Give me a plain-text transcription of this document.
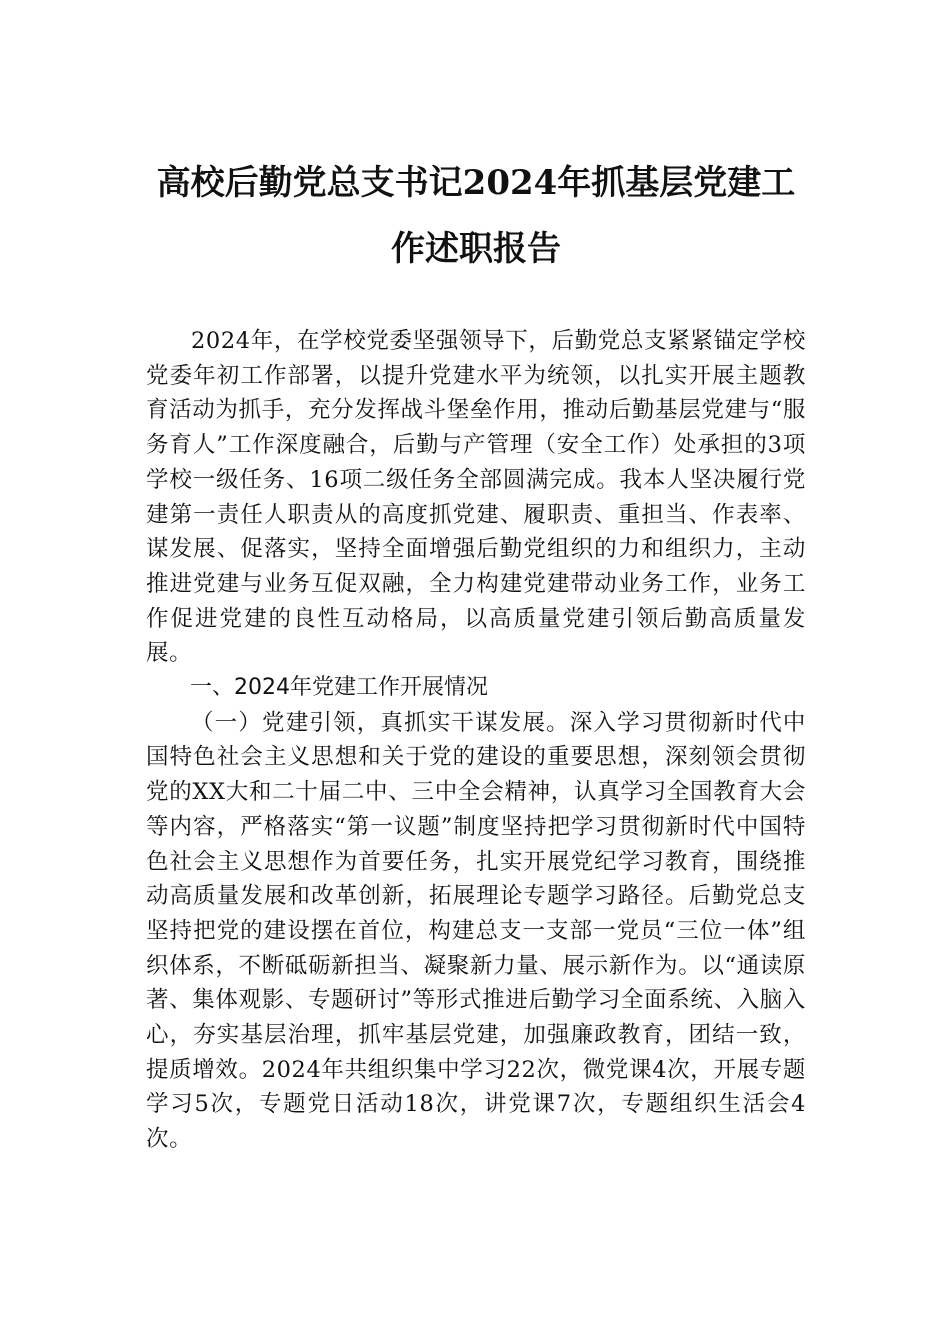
高校后勤党总支书记2024年抓基层党建工作述职报告

2024年，在学校党委坚强领导下，后勤党总支紧紧锚定学校党委年初工作部署，以提升党建水平为统领，以扎实开展主题教育活动为抓手，充分发挥战斗堡垒作用，推动后勤基层党建与“服务育人”工作深度融合，后勤与产管理（安全工作）处承担的3项学校一级任务、16项二级任务全部圆满完成。我本人坚决履行党建第一责任人职责从的高度抓党建、履职责、重担当、作表率、谋发展、促落实，坚持全面增强后勤党组织的力和组织力，主动推进党建与业务互促双融，全力构建党建带动业务工作，业务工作促进党建的良性互动格局，以高质量党建引领后勤高质量发展。

一、2024年党建工作开展情况

（一）党建引领，真抓实干谋发展。深入学习贯彻新时代中国特色社会主义思想和关于党的建设的重要思想，深刻领会贯彻党的XX大和二十届二中、三中全会精神，认真学习全国教育大会等内容，严格落实“第一议题”制度坚持把学习贯彻新时代中国特色社会主义思想作为首要任务，扎实开展党纪学习教育，围绕推动高质量发展和改革创新，拓展理论专题学习路径。后勤党总支坚持把党的建设摆在首位，构建总支一支部一党员“三位一体”组织体系，不断砥砺新担当、凝聚新力量、展示新作为。以“通读原著、集体观影、专题研讨”等形式推进后勤学习全面系统、入脑入心，夯实基层治理，抓牢基层党建，加强廉政教育，团结一致，提质增效。2024年共组织集中学习22次，微党课4次，开展专题学习5次，专题党日活动18次，讲党课7次，专题组织生活会4次。
